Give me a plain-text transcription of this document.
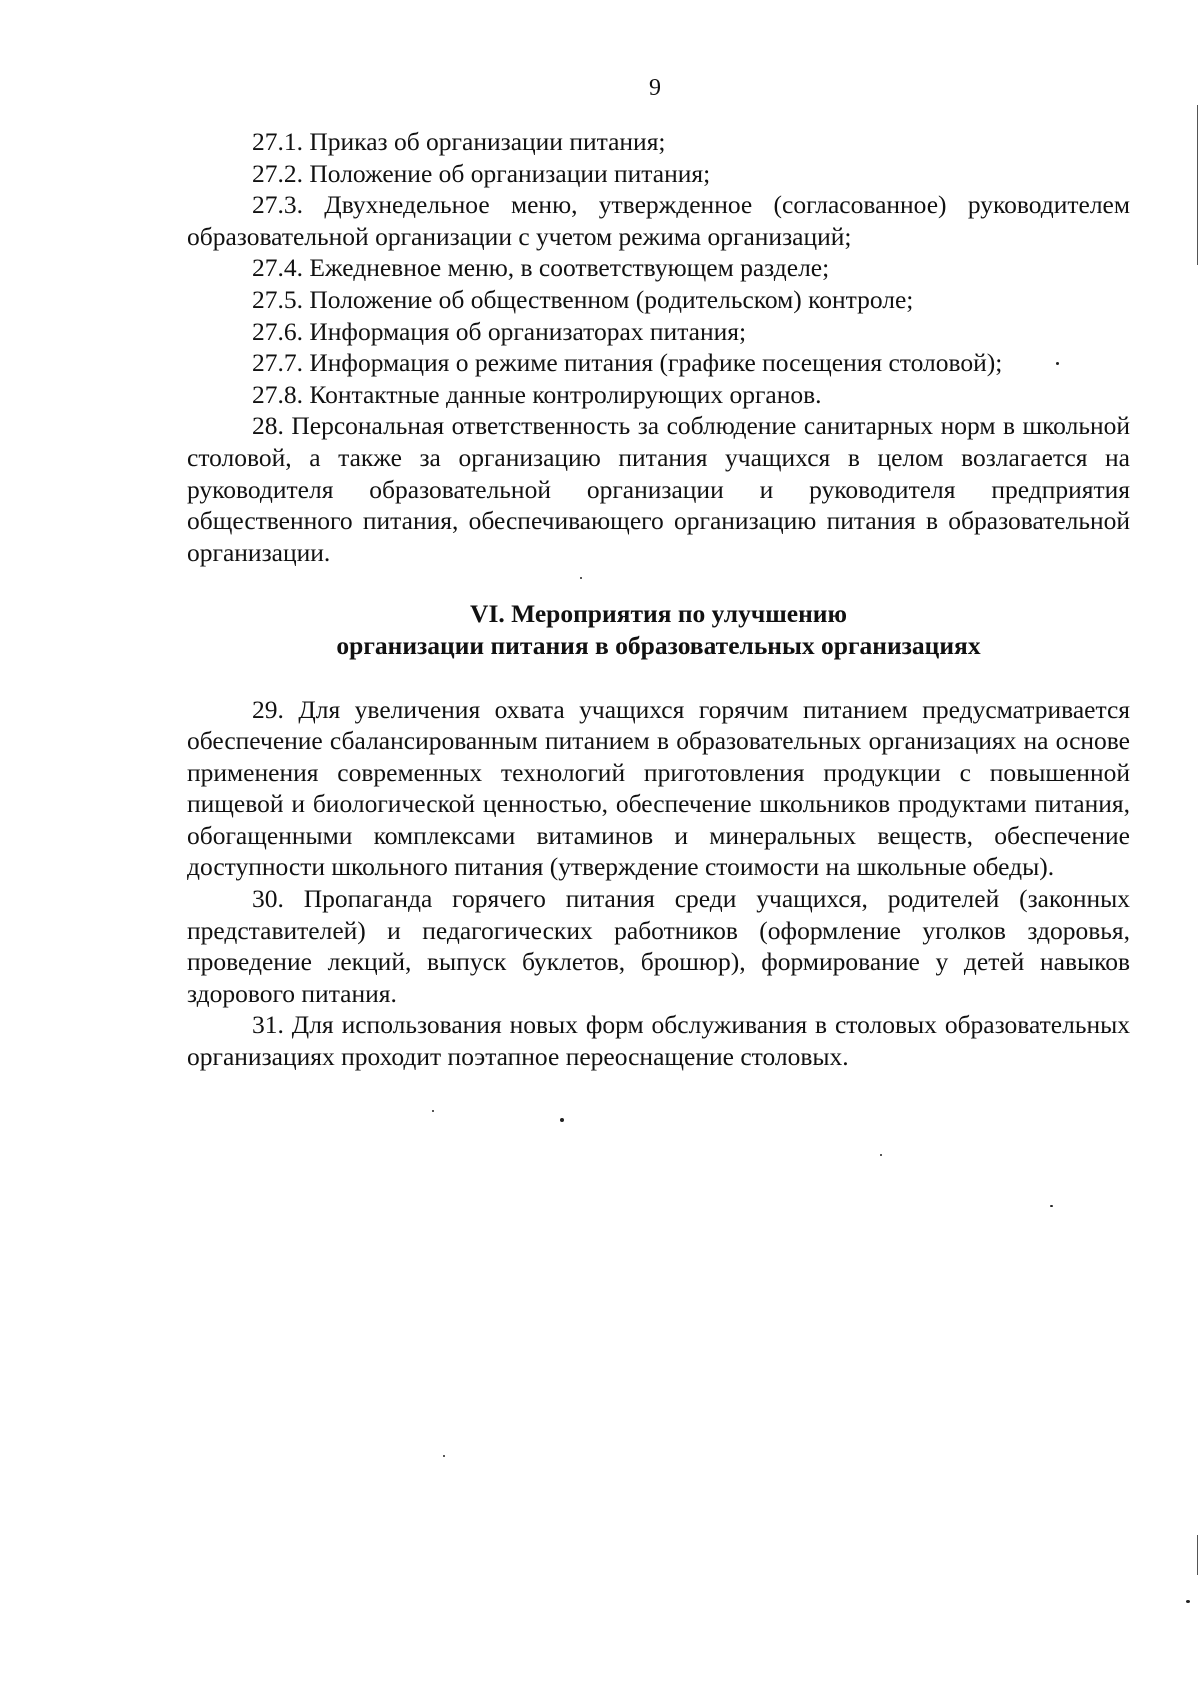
9

27.1. Приказ об организации питания;

27.2. Положение об организации питания;

27.3. Двухнедельное меню, утвержденное (согласованное) руководителем образовательной организации с учетом режима организаций;

27.4. Ежедневное меню, в соответствующем разделе;

27.5. Положение об общественном (родительском) контроле;

27.6. Информация об организаторах питания;

27.7. Информация о режиме питания (графике посещения столовой);

27.8. Контактные данные контролирующих органов.

28. Персональная ответственность за соблюдение санитарных норм в школьной столовой, а также за организацию питания учащихся в целом возлагается на руководителя образовательной организации и руководителя предприятия общественного питания, обеспечивающего организацию питания в образовательной организации.

VI. Мероприятия по улучшению

организации питания в образовательных организациях

29. Для увеличения охвата учащихся горячим питанием предусматривается обеспечение сбалансированным питанием в образовательных организациях на основе применения современных технологий приготовления продукции с повышенной пищевой и биологической ценностью, обеспечение школьников продуктами питания, обогащенными комплексами витаминов и минеральных веществ, обеспечение доступности школьного питания (утверждение стоимости на школьные обеды).

30. Пропаганда горячего питания среди учащихся, родителей (законных представителей) и педагогических работников (оформление уголков здоровья, проведение лекций, выпуск буклетов, брошюр), формирование у детей навыков здорового питания.

31. Для использования новых форм обслуживания в столовых образовательных организациях проходит поэтапное переоснащение столовых.
